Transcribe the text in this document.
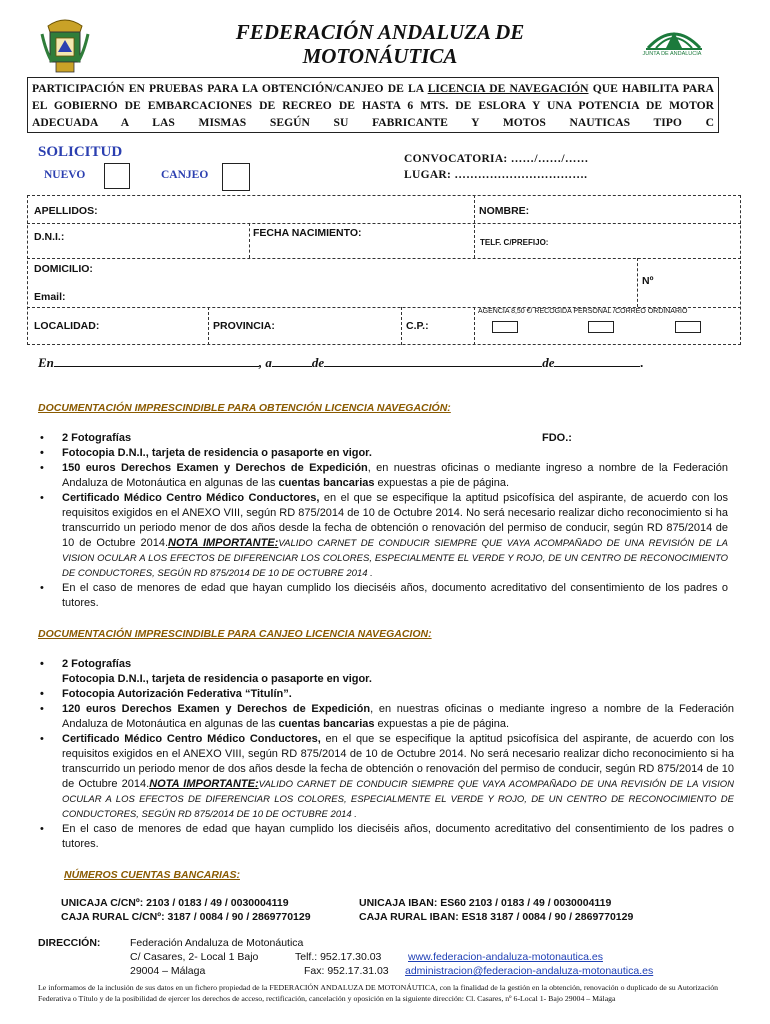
FEDERACIÓN ANDALUZA DE
MOTONÁUTICA	JUNTA DE ANDALUCIA
PARTICIPACIÓN EN PRUEBAS PARA LA OBTENCIÓN/CANJEO DE LA LICENCIA DE NAVEGACIÓN QUE HABILITA PARA EL GOBIERNO DE EMBARCACIONES DE RECREO DE HASTA 6 MTS. DE ESLORA Y UNA POTENCIA DE MOTOR ADECUADA A LAS MISMAS SEGÚN SU FABRICANTE Y MOTOS NAUTICAS TIPO C
SOLICITUD
NUEVO	CANJEO
CONVOCATORIA: ……/……/……
LUGAR: …………………………….
APELLIDOS:	NOMBRE:
D.N.I.:	FECHA NACIMIENTO:
TELF. C/PREFIJO:
DOMICILIO:
Nº
Email:
LOCALIDAD:	PROVINCIA:	C.P.:
AGENCIA 8,50 €/ RECOGIDA PERSONAL /CORREO ORDINARIO
En	, a	de	de	.
DOCUMENTACIÓN IMPRESCINDIBLE PARA OBTENCIÓN LICENCIA NAVEGACIÓN:
• 2 Fotografías	FDO.:
• Fotocopia D.N.I., tarjeta de residencia o pasaporte en vigor.
• 150 euros Derechos Examen y Derechos de Expedición, en nuestras oficinas o mediante ingreso a nombre de la Federación Andaluza de Motonáutica en algunas de las cuentas bancarias expuestas a pie de página.
• Certificado Médico Centro Médico Conductores, en el que se especifique la aptitud psicofísica del aspirante, de acuerdo con los requisitos exigidos en el ANEXO VIII, según RD 875/2014 de 10 de Octubre 2014. No será necesario realizar dicho reconocimiento si ha transcurrido un periodo menor de dos años desde la fecha de obtención o renovación del permiso de conducir, según RD 875/2014 de 10 de Octubre 2014.NOTA IMPORTANTE:VALIDO CARNET DE CONDUCIR SIEMPRE QUE VAYA ACOMPAÑADO DE UNA REVISIÓN DE LA VISION OCULAR A LOS EFECTOS DE DIFERENCIAR LOS COLORES, ESPECIALMENTE EL VERDE Y ROJO, DE UN CENTRO DE RECONOCIMIENTO DE CONDUCTORES, SEGÚN RD 875/2014 DE 10 DE OCTUBRE 2014 .
• En el caso de menores de edad que hayan cumplido los dieciséis años, documento acreditativo del consentimiento de los padres o tutores.
DOCUMENTACIÓN IMPRESCINDIBLE PARA CANJEO LICENCIA NAVEGACION:
• 2 Fotografías
Fotocopia D.N.I., tarjeta de residencia o pasaporte en vigor.
• Fotocopia Autorización Federativa “Titulín”.
• 120 euros Derechos Examen y Derechos de Expedición, en nuestras oficinas o mediante ingreso a nombre de la Federación Andaluza de Motonáutica en algunas de las cuentas bancarias expuestas a pie de página.
• Certificado Médico Centro Médico Conductores, en el que se especifique la aptitud psicofísica del aspirante, de acuerdo con los requisitos exigidos en el ANEXO VIII, según RD 875/2014 de 10 de Octubre 2014. No será necesario realizar dicho reconocimiento si ha transcurrido un periodo menor de dos años desde la fecha de obtención o renovación del permiso de conducir, según RD 875/2014 de 10 de Octubre 2014.NOTA IMPORTANTE:VALIDO CARNET DE CONDUCIR SIEMPRE QUE VAYA ACOMPAÑADO DE UNA REVISIÓN DE LA VISION OCULAR A LOS EFECTOS DE DIFERENCIAR LOS COLORES, ESPECIALMENTE EL VERDE Y ROJO, DE UN CENTRO DE RECONOCIMIENTO DE CONDUCTORES, SEGÚN RD 875/2014 DE 10 DE OCTUBRE 2014 .
• En el caso de menores de edad que hayan cumplido los dieciséis años, documento acreditativo del consentimiento de los padres o tutores.
NÚMEROS CUENTAS BANCARIAS:
UNICAJA C/CNº: 2103 / 0183 / 49 / 0030004119
CAJA RURAL C/CNº: 3187 / 0084 / 90 / 2869770129
UNICAJA IBAN: ES60 2103 / 0183 / 49 / 0030004119
CAJA RURAL IBAN: ES18 3187 / 0084 / 90 / 2869770129
DIRECCIÓN:	Federación Andaluza de Motonáutica
C/ Casares, 2- Local 1 Bajo
29004 – Málaga
Telf.: 952.17.30.03
Fax: 952.17.31.03
www.federacion-andaluza-motonautica.es
administracion@federacion-andaluza-motonautica.es
Le informamos de la inclusión de sus datos en un fichero propiedad de la FEDERACIÓN ANDALUZA DE MOTONÁUTICA, con la finalidad de la gestión en la obtención, renovación o duplicado de su Autorización Federativa o Título y de la posibilidad de ejercer los derechos de acceso, rectificación, cancelación y oposición en la siguiente dirección: Cl. Casares, nº 6-Local 1- Bajo 29004 – Málaga
